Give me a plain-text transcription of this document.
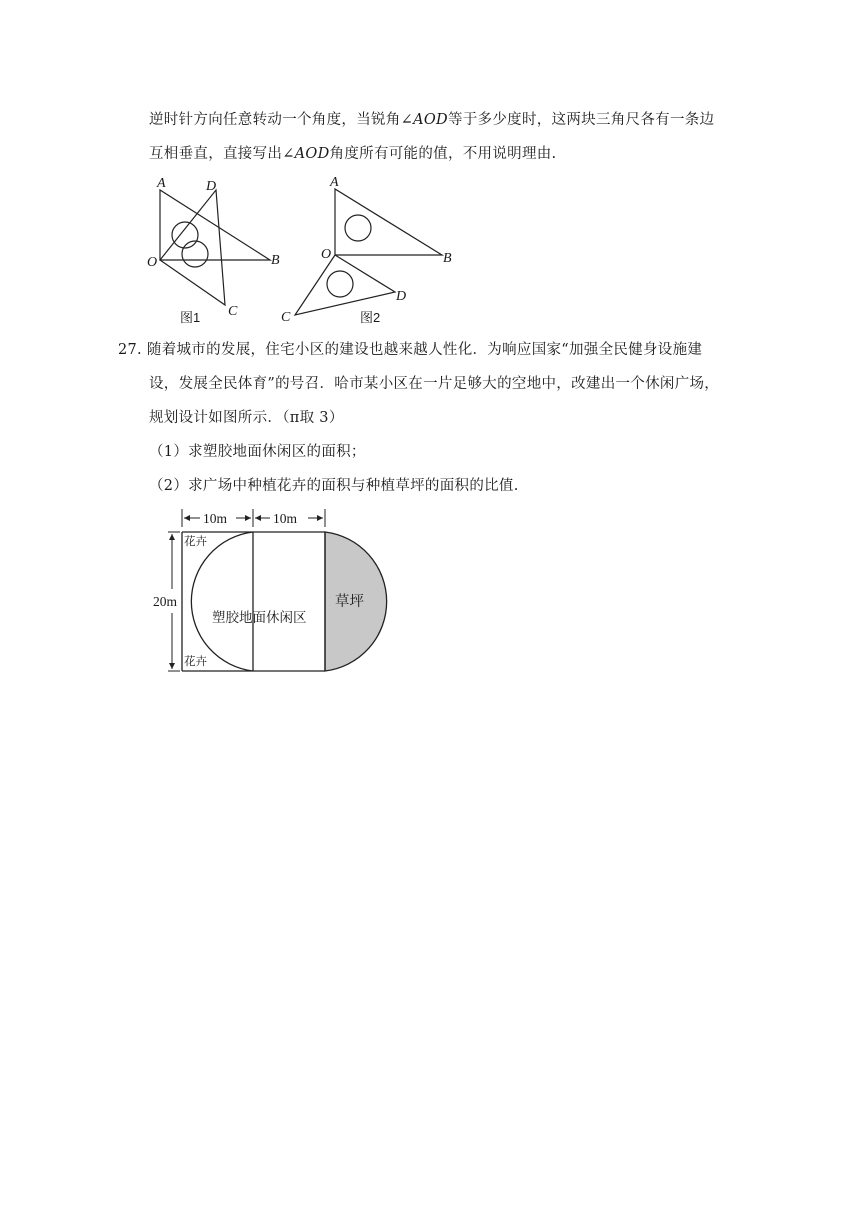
逆时针方向任意转动一个角度，当锐角∠AOD等于多少度时，这两块三角尺各有一条边
互相垂直，直接写出∠AOD角度所有可能的值，不用说明理由.
A	D
O	B
C
图1
A
O	B
D
C	图2
27. 随着城市的发展，住宅小区的建设也越来越人性化．为响应国家“加强全民健身设施建
设，发展全民体育”的号召．哈市某小区在一片足够大的空地中，改建出一个休闲广场，
规划设计如图所示．（π取 3）
（1）求塑胶地面休闲区的面积；
（2）求广场中种植花卉的面积与种植草坪的面积的比值.
10m	10m
20m
花卉
花卉
塑胶地面休闲区
草坪
